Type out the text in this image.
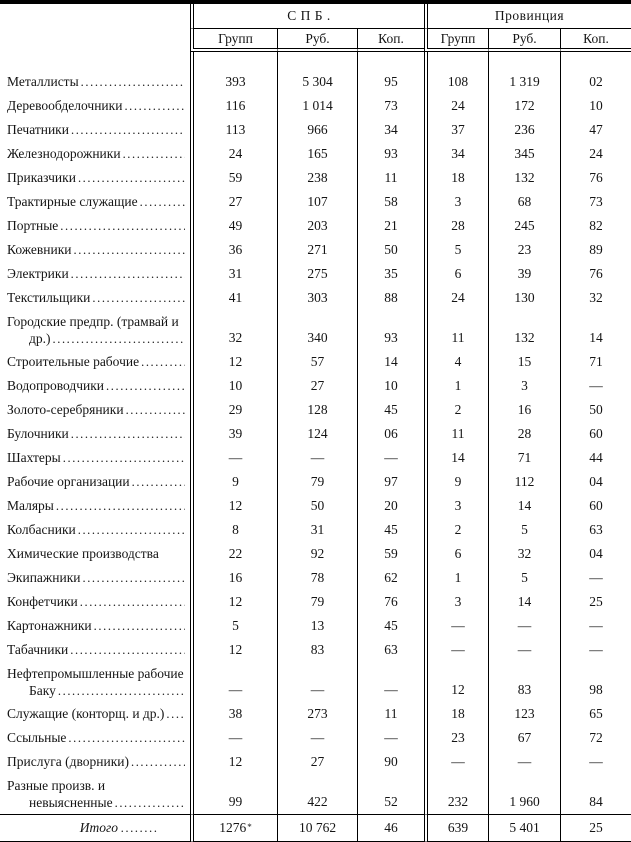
С П Б .	Провинция
Групп	Руб.	Коп.	Групп	Руб.	Коп.
Металлисты .....	393	5 304	95	108	1 319	02
Деревообделочники .....	116	1 014	73	24	172	10
Печатники .....	113	966	34	37	236	47
Железнодорожники .....	24	165	93	34	345	24
Приказчики .....	59	238	11	18	132	76
Трактирные служащие .....	27	107	58	3	68	73
Портные .....	49	203	21	28	245	82
Кожевники .....	36	271	50	5	23	89
Электрики .....	31	275	35	6	39	76
Текстильщики .....	41	303	88	24	130	32
Городские предпр. (трамвай и
др.) .....	32	340	93	11	132	14
Строительные рабочие .....	12	57	14	4	15	71
Водопроводчики .....	10	27	10	1	3	—
Золото-серебряники .....	29	128	45	2	16	50
Булочники .....	39	124	06	11	28	60
Шахтеры .....	—	—	—	14	71	44
Рабочие организации .....	9	79	97	9	112	04
Маляры .....	12	50	20	3	14	60
Колбасники .....	8	31	45	2	5	63
Химические производства	22	92	59	6	32	04
Экипажники .....	16	78	62	1	5	—
Конфетчики .....	12	79	76	3	14	25
Картонажники .....	5	13	45	—	—	—
Табачники .....	12	83	63	—	—	—
Нефтепромышленные рабочие
Баку .....	—	—	—	12	83	98
Служащие (конторщ. и др.) .....	38	273	11	18	123	65
Ссыльные .....	—	—	—	23	67	72
Прислуга (дворники) .....	12	27	90	—	—	—
Разные произв. и
невыясненные .....	99	422	52	232	1 960	84
Итого .....	1276*	10 762	46	639	5 401	25
